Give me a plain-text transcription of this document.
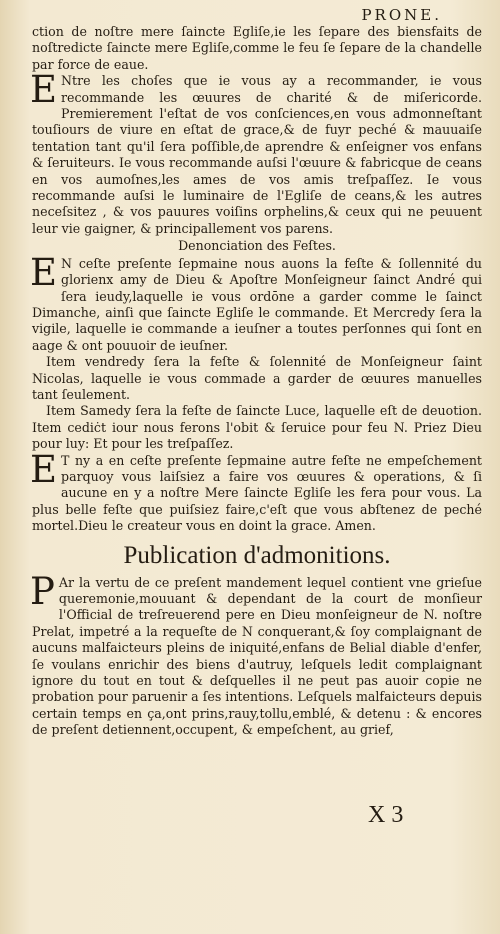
PRONE.

ction de noſtre mere ſaincte Egliſe,ie les ſepare des biensfaits de noſtredicte ſaincte mere Egliſe,comme le feu ſe ſepare de la chandelle par force de eaue.

E Ntre les choſes que ie vous ay a recommander, ie vous recommande les œuures de charité & de miſericorde. Premierement l'eſtat de vos conſciences,en vous admonneſtant touſiours de viure en eſtat de grace,& de fuyr peché & mauuaiſe tentation tant qu'il ſera poſſible,de aprendre & enſeigner vos enfans & ſeruiteurs. Ie vous recommande auſsi l'œuure & fabricque de ceans en vos aumoſnes,les ames de vos amis treſpaſſez. Ie vous recommande auſsi le luminaire de l'Egliſe de ceans,& les autres neceſsitez , & vos pauures voiſins orphelins,& ceux qui ne peuuent leur vie gaigner, & principallement vos parens.

Denonciation des Feſtes.

E N ceſte preſente ſepmaine nous auons la feſte & ſollennité du glorienx amy de Dieu & Apoſtre Monſeigneur ſainct André qui ſera ieudy,laquelle ie vous ordōne a garder comme le ſainct Dimanche, ainſi que ſaincte Egliſe le commande. Et Mercredy ſera la vigile, laquelle ie commande a ieuſner a toutes perſonnes qui ſont en aage & ont pouuoir de ieuſner.

Item vendredy ſera la feſte & ſolennité de Monſeigneur ſaint Nicolas, laquelle ie vous commade a garder de œuures manuelles tant ſeulement.

Item Samedy ſera la feſte de ſaincte Luce, laquelle eſt de deuotion. Item cediċt iour nous ferons l'obit & ſeruice pour feu N. Priez Dieu pour luy: Et pour les treſpaſſez.

E T ny a en ceſte preſente ſepmaine autre feſte ne empeſchement parquoy vous laiſsiez a faire vos œuures & operations, & ſi aucune en y a noſtre Mere ſaincte Egliſe les fera pour vous. La plus belle feſte que puiſsiez faire,c'eſt que vous abſtenez de peché mortel.Dieu le createur vous en doint la grace. Amen.

Publication d'admonitions.

P Ar la vertu de ce preſent mandement lequel contient vne grieſue queremonie,mouuant & dependant de la court de monſieur l'Official de treſreuerend pere en Dieu monſeigneur de N. noſtre Prelat, impetré a la requeſte de N conquerant,& ſoy complaignant de aucuns malfaicteurs pleins de iniquité,enfans de Belial diable d'enfer, ſe voulans enrichir des biens d'autruy, leſquels ledit complaignant ignore du tout en tout & deſquelles il ne peut pas auoir copie ne probation pour paruenir a ſes intentions. Leſquels malfaicteurs depuis certain temps en ça,ont prins,rauy,tollu,emblé, & detenu : & encores de preſent detiennent,occupent, & empeſchent, au grief,

X 3
